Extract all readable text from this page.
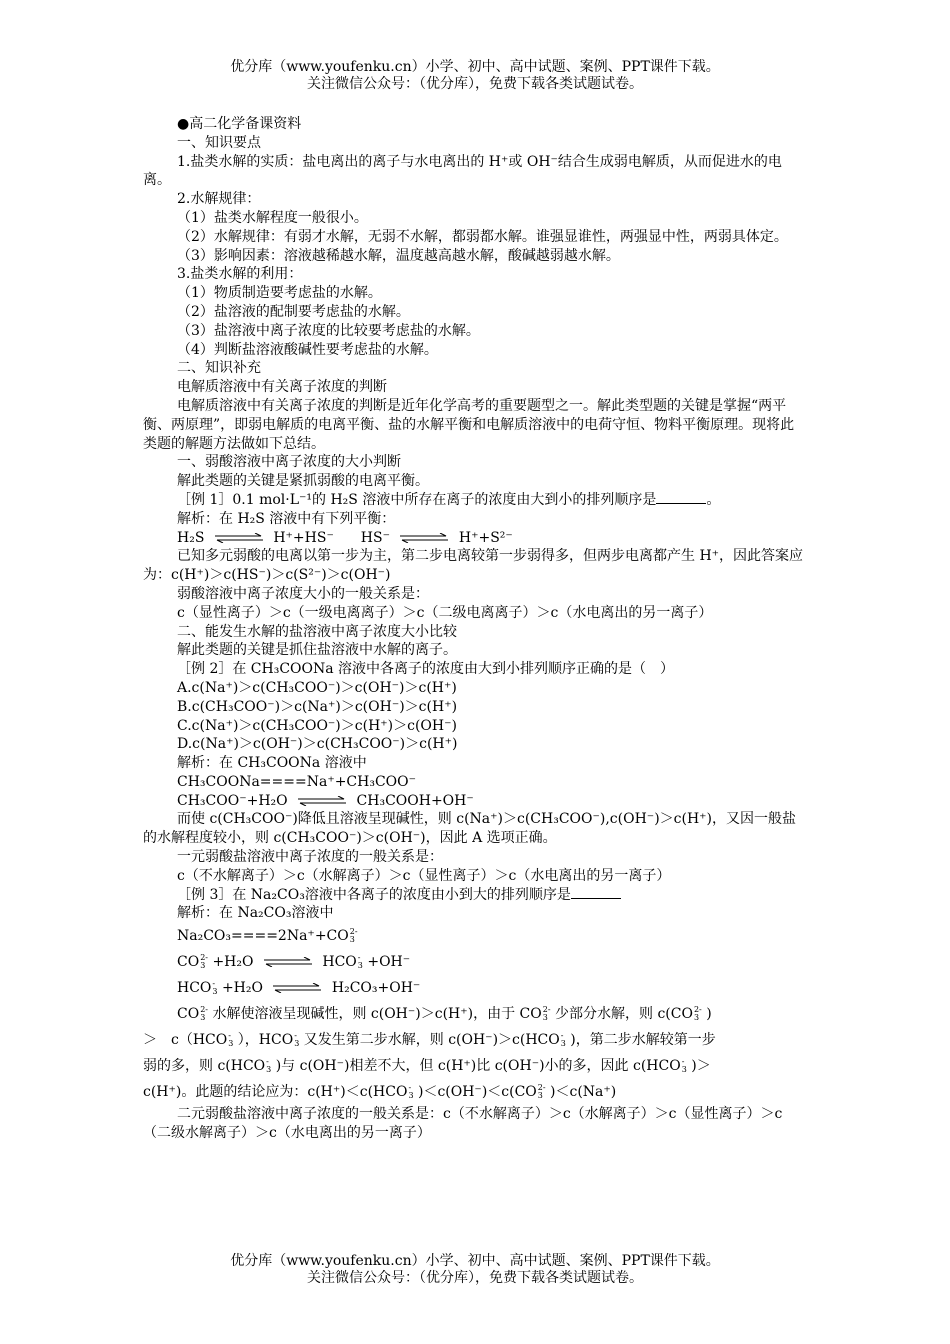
优分库（www.youfenku.cn）小学、初中、高中试题、案例、PPT课件下载。
关注微信公众号：（优分库），免费下载各类试题试卷。

●高二化学备课资料

一、知识要点

1.盐类水解的实质：盐电离出的离子与水电离出的 H⁺或 OH⁻结合生成弱电解质，从而促进水的电离。

2.水解规律：

（1）盐类水解程度一般很小。

（2）水解规律：有弱才水解，无弱不水解，都弱都水解。谁强显谁性，两强显中性，两弱具体定。

（3）影响因素：溶液越稀越水解，温度越高越水解，酸碱越弱越水解。

3.盐类水解的利用：

（1）物质制造要考虑盐的水解。

（2）盐溶液的配制要考虑盐的水解。

（3）盐溶液中离子浓度的比较要考虑盐的水解。

（4）判断盐溶液酸碱性要考虑盐的水解。

二、知识补充

电解质溶液中有关离子浓度的判断

电解质溶液中有关离子浓度的判断是近年化学高考的重要题型之一。解此类型题的关键是掌握“两平衡、两原理”，即弱电解质的电离平衡、盐的水解平衡和电解质溶液中的电荷守恒、物料平衡原理。现将此类题的解题方法做如下总结。

一、弱酸溶液中离子浓度的大小判断

解此类题的关键是紧抓弱酸的电离平衡。

［例 1］0.1 mol·L⁻¹的 H₂S 溶液中所存在离子的浓度由大到小的排列顺序是	。

解析：在 H₂S 溶液中有下列平衡：

H₂S ⇌ H⁺+HS⁻ HS⁻ ⇌ H⁺+S²⁻

已知多元弱酸的电离以第一步为主，第二步电离较第一步弱得多，但两步电离都产生 H⁺，因此答案应为：c(H⁺)＞c(HS⁻)＞c(S²⁻)＞c(OH⁻)

弱酸溶液中离子浓度大小的一般关系是：

c（显性离子）＞c（一级电离离子）＞c（二级电离离子）＞c（水电离出的另一离子）

二、能发生水解的盐溶液中离子浓度大小比较

解此类题的关键是抓住盐溶液中水解的离子。

［例 2］在 CH₃COONa 溶液中各离子的浓度由大到小排列顺序正确的是（　）

A.c(Na⁺)＞c(CH₃COO⁻)＞c(OH⁻)＞c(H⁺)

B.c(CH₃COO⁻)＞c(Na⁺)＞c(OH⁻)＞c(H⁺)

C.c(Na⁺)＞c(CH₃COO⁻)＞c(H⁺)＞c(OH⁻)

D.c(Na⁺)＞c(OH⁻)＞c(CH₃COO⁻)＞c(H⁺)

解析：在 CH₃COONa 溶液中

CH₃COONa====Na⁺+CH₃COO⁻

CH₃COO⁻+H₂O ⇌ CH₃COOH+OH⁻

而使 c(CH₃COO⁻)降低且溶液呈现碱性，则 c(Na⁺)＞c(CH₃COO⁻),c(OH⁻)＞c(H⁺)，又因一般盐的水解程度较小，则 c(CH₃COO⁻)＞c(OH⁻)，因此 A 选项正确。

一元弱酸盐溶液中离子浓度的一般关系是：

c（不水解离子）＞c（水解离子）＞c（显性离子）＞c（水电离出的另一离子）

［例 3］在 Na₂CO₃溶液中各离子的浓度由小到大的排列顺序是

解析：在 Na₂CO₃溶液中

Na₂CO₃====2Na⁺+CO 2-
3

CO 2-
3 +H₂O ⇌ HCO -
3 +OH⁻

HCO -
3 +H₂O ⇌ H₂CO₃+OH⁻

CO 2-
3 水解使溶液呈现碱性，则 c(OH⁻)＞c(H⁺)，由于 CO 2-
3 少部分水解，则 c(CO 2-
3 )

＞　c（HCO -
3 ），HCO -
3 又发生第二步水解，则 c(OH⁻)＞c(HCO -
3 )，第二步水解较第一步

弱的多，则 c(HCO -
3 )与 c(OH⁻)相差不大，但 c(H⁺)比 c(OH⁻)小的多，因此 c(HCO -
3 )＞

c(H⁺)。此题的结论应为：c(H⁺)＜c(HCO -
3 )＜c(OH⁻)＜c(CO 2-
3 )＜c(Na⁺)

二元弱酸盐溶液中离子浓度的一般关系是：c（不水解离子）＞c（水解离子）＞c（显性离子）＞c（二级水解离子）＞c（水电离出的另一离子）

优分库（www.youfenku.cn）小学、初中、高中试题、案例、PPT课件下载。
关注微信公众号：（优分库），免费下载各类试题试卷。
